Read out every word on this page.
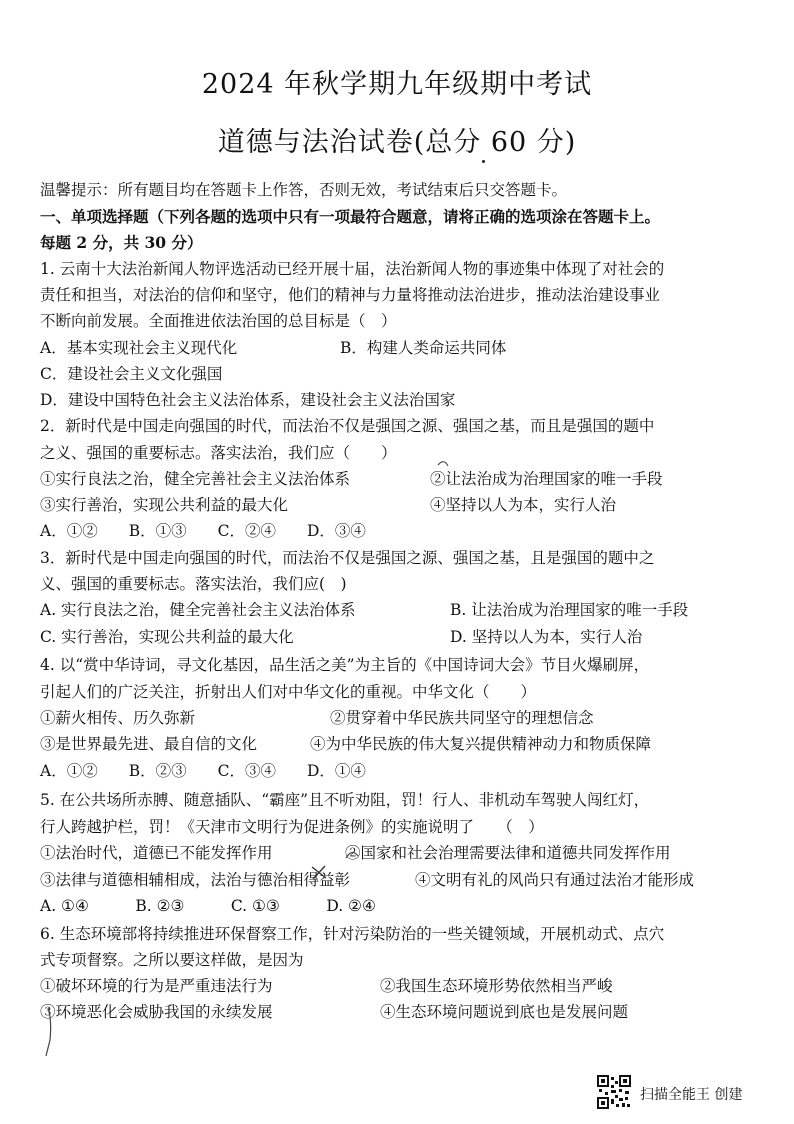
2024 年秋学期九年级期中考试
道德与法治试卷(总分 60 分)
温馨提示：所有题目均在答题卡上作答，否则无效，考试结束后只交答题卡。
一、单项选择题（下列各题的选项中只有一项最符合题意，请将正确的选项涂在答题卡上。
每题 2 分，共 30 分）
1. 云南十大法治新闻人物评选活动已经开展十届，法治新闻人物的事迹集中体现了对社会的
责任和担当，对法治的信仰和坚守，他们的精神与力量将推动法治进步，推动法治建设事业
不断向前发展。全面推进依法治国的总目标是（　）
A．基本实现社会主义现代化	B．构建人类命运共同体
C．建设社会主义文化强国
D．建设中国特色社会主义法治体系，建设社会主义法治国家
2．新时代是中国走向强国的时代，而法治不仅是强国之源、强国之基，而且是强国的题中
之义、强国的重要标志。落实法治，我们应（　　）
①实行良法之治，健全完善社会主义法治体系	②让法治成为治理国家的唯一手段
③实行善治，实现公共利益的最大化	④坚持以人为本，实行人治
A．①②　　B．①③　　C．②④　　D．③④
3．新时代是中国走向强国的时代，而法治不仅是强国之源、强国之基，且是强国的题中之
义、强国的重要标志。落实法治，我们应(　)
A. 实行良法之治，健全完善社会主义法治体系	B. 让法治成为治理国家的唯一手段
C. 实行善治，实现公共利益的最大化	D. 坚持以人为本，实行人治
4. 以“赏中华诗词，寻文化基因，品生活之美”为主旨的《中国诗词大会》节目火爆刷屏，
引起人们的广泛关注，折射出人们对中华文化的重视。中华文化（　　）
①薪火相传、历久弥新	②贯穿着中华民族共同坚守的理想信念
③是世界最先进、最自信的文化	④为中华民族的伟大复兴提供精神动力和物质保障
A．①②　　B．②③　　C．③④　　D．①④
5. 在公共场所赤膊、随意插队、“霸座”且不听劝阻，罚！行人、非机动车驾驶人闯红灯，
行人跨越护栏，罚！《天津市文明行为促进条例》的实施说明了　　（　）
①法治时代，道德已不能发挥作用	②国家和社会治理需要法律和道德共同发挥作用
③法律与道德相辅相成，法治与德治相得益彰	④文明有礼的风尚只有通过法治才能形成
A. ①④　　　B. ②③　　　C. ①③　　　D. ②④
6. 生态环境部将持续推进环保督察工作，针对污染防治的一些关键领域，开展机动式、点穴
式专项督察。之所以要这样做，是因为
①破坏环境的行为是严重违法行为	②我国生态环境形势依然相当严峻
③环境恶化会威胁我国的永续发展	④生态环境问题说到底也是发展问题
扫描全能王 创建
